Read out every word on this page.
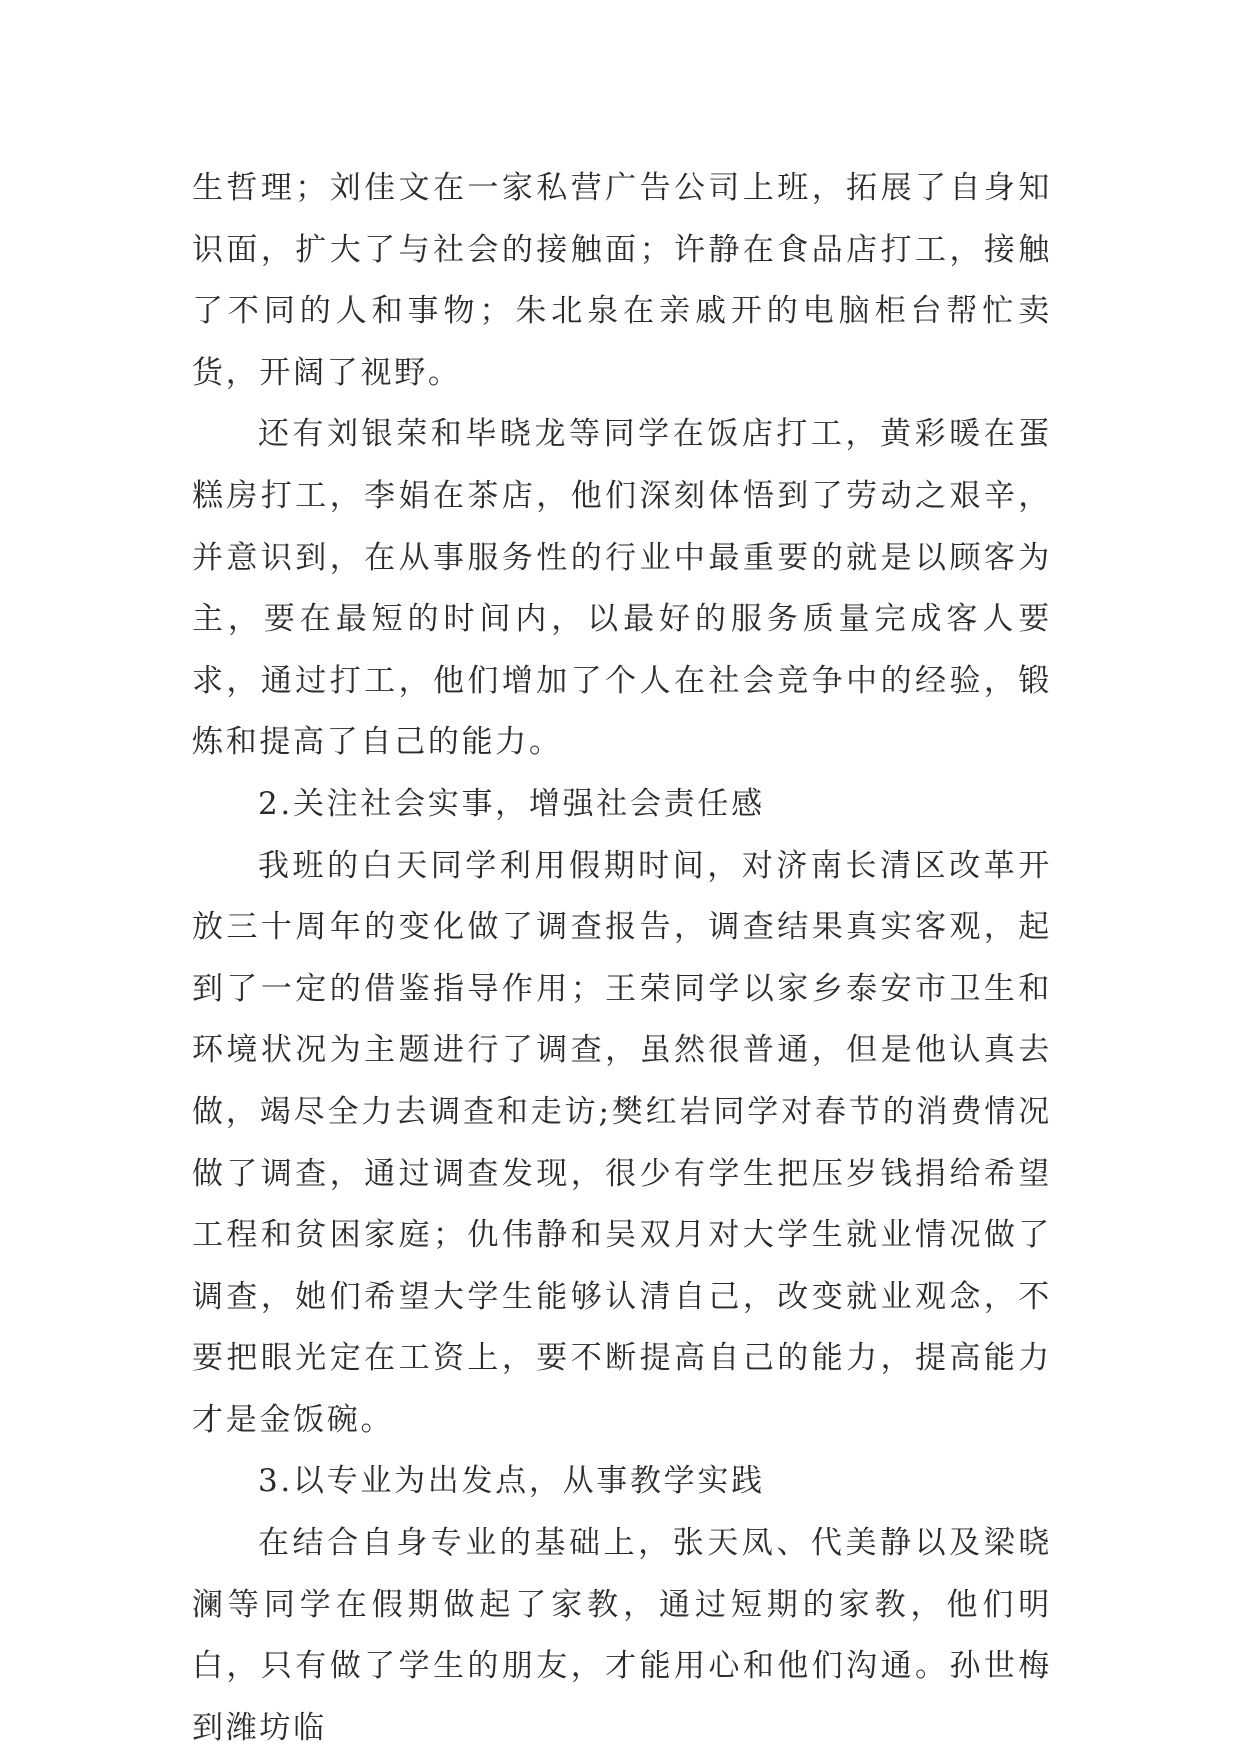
生哲理；刘佳文在一家私营广告公司上班，拓展了自身知识面，扩大了与社会的接触面；许静在食品店打工，接触了不同的人和事物；朱北泉在亲戚开的电脑柜台帮忙卖货，开阔了视野。

还有刘银荣和毕晓龙等同学在饭店打工，黄彩暖在蛋糕房打工，李娟在茶店，他们深刻体悟到了劳动之艰辛，并意识到，在从事服务性的行业中最重要的就是以顾客为主，要在最短的时间内，以最好的服务质量完成客人要求，通过打工，他们增加了个人在社会竞争中的经验，锻炼和提高了自己的能力。

2.关注社会实事，增强社会责任感

我班的白天同学利用假期时间，对济南长清区改革开放三十周年的变化做了调查报告，调查结果真实客观，起到了一定的借鉴指导作用；王荣同学以家乡泰安市卫生和环境状况为主题进行了调查，虽然很普通，但是他认真去做，竭尽全力去调查和走访;樊红岩同学对春节的消费情况做了调查，通过调查发现，很少有学生把压岁钱捐给希望工程和贫困家庭；仇伟静和吴双月对大学生就业情况做了调查，她们希望大学生能够认清自己，改变就业观念，不要把眼光定在工资上，要不断提高自己的能力，提高能力才是金饭碗。

3.以专业为出发点，从事教学实践

在结合自身专业的基础上，张天凤、代美静以及梁晓澜等同学在假期做起了家教，通过短期的家教，他们明白，只有做了学生的朋友，才能用心和他们沟通。孙世梅到潍坊临
